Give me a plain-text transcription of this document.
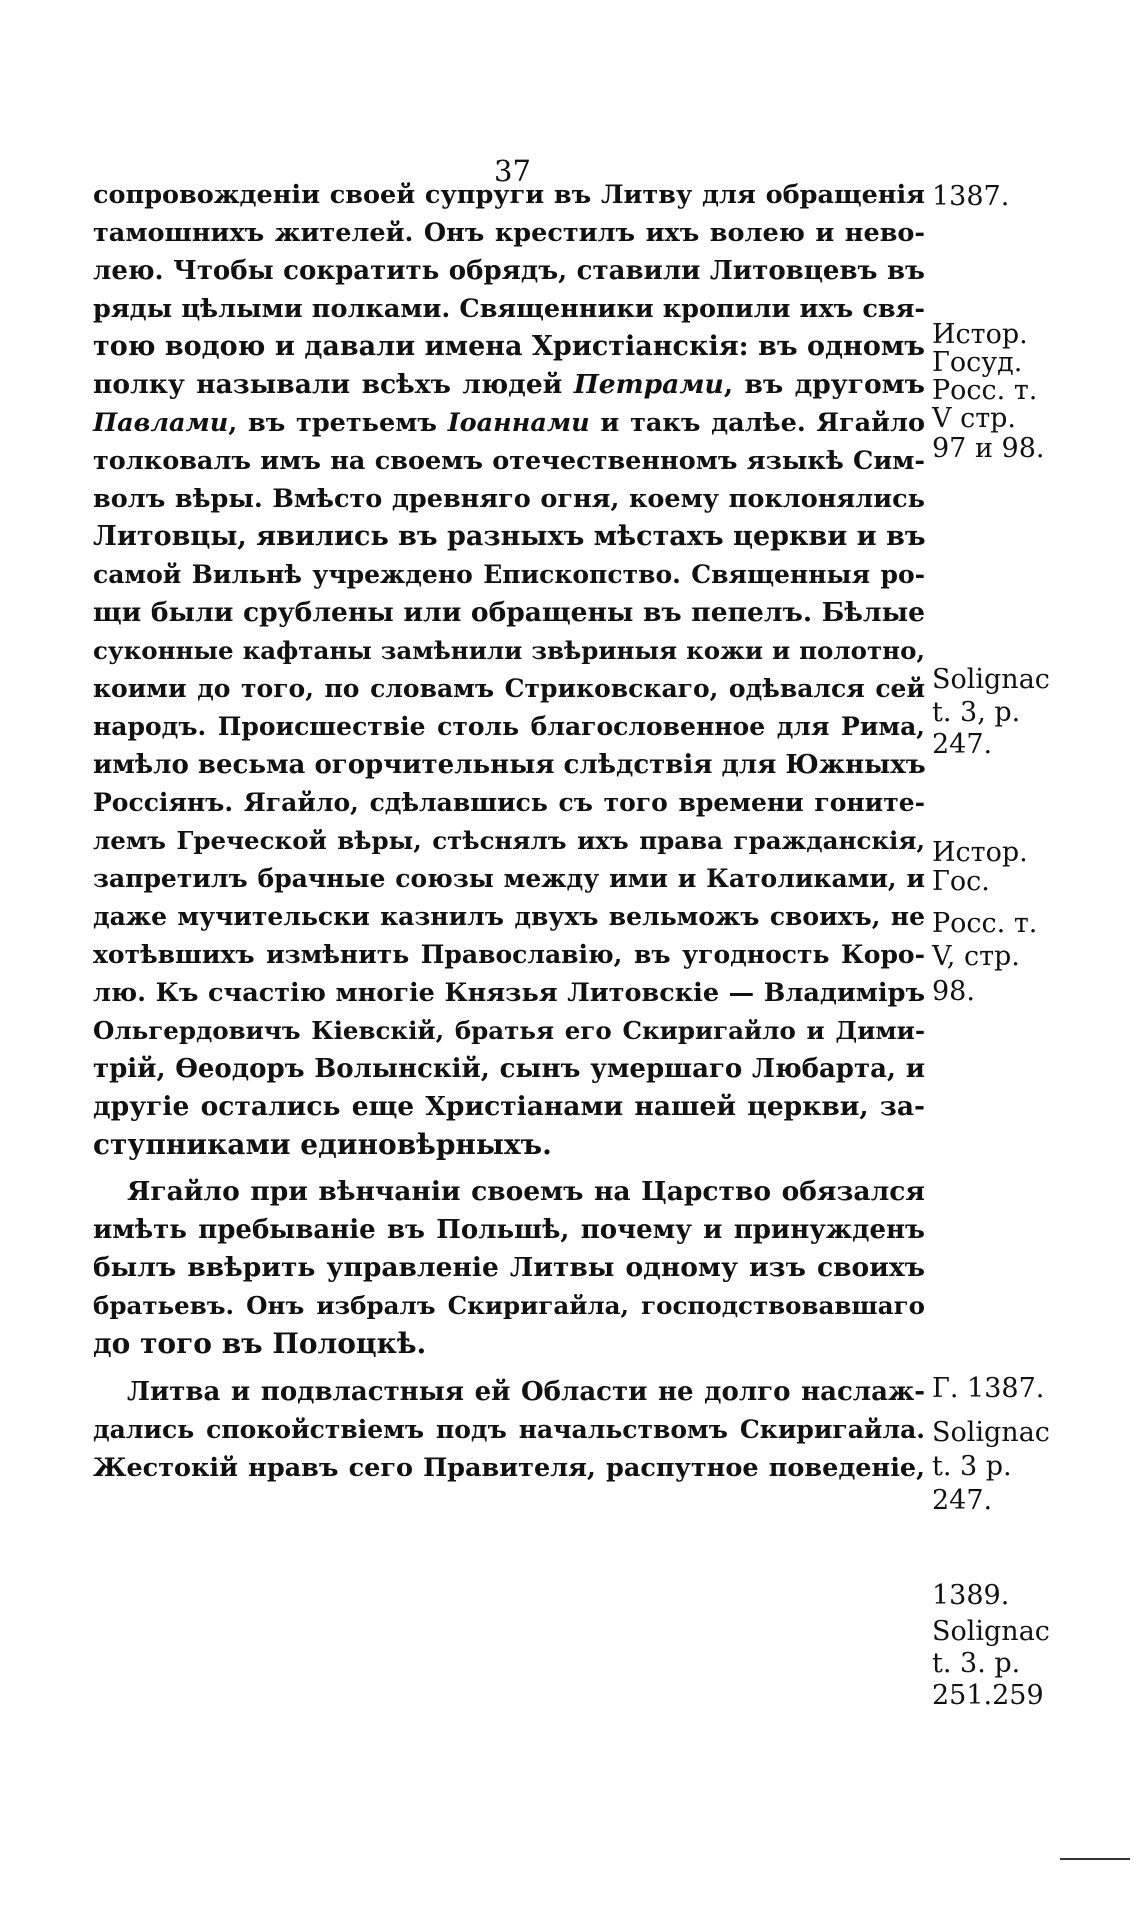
37
сопровожденіи своей супруги въ Литву для обращенія
тамошнихъ жителей. Онъ крестилъ ихъ волею и нево-
лею. Чтобы сократить обрядъ, ставили Литовцевъ въ
ряды цѣлыми полками. Священники кропили ихъ свя-
тою водою и давали имена Христіанскія: въ одномъ
полку называли всѣхъ людей Петрами, въ другомъ
Павлами, въ третьемъ Іоаннами и такъ далѣе. Ягайло
толковалъ имъ на своемъ отечественномъ языкѣ Сим-
волъ вѣры. Вмѣсто древняго огня, коему поклонялись
Литовцы, явились въ разныхъ мѣстахъ церкви и въ
самой Вильнѣ учреждено Епископство. Священныя ро-
щи были срублены или обращены въ пепелъ. Бѣлые
суконные кафтаны замѣнили звѣриныя кожи и полотно,
коими до того, по словамъ Стриковскаго, одѣвался сей
народъ. Происшествіе столь благословенное для Рима,
имѣло весьма огорчительныя слѣдствія для Южныхъ
Россіянъ. Ягайло, сдѣлавшись съ того времени гоните-
лемъ Греческой вѣры, стѣснялъ ихъ права гражданскія,
запретилъ брачные союзы между ими и Католиками, и
даже мучительски казнилъ двухъ вельможъ своихъ, не
хотѣвшихъ измѣнить Православію, въ угодность Коро-
лю. Къ счастію многіе Князья Литовскіе — Владиміръ
Ольгердовичъ Кіевскій, братья его Скиригайло и Дими-
трій, Ѳеодоръ Волынскій, сынъ умершаго Любарта, и
другіе остались еще Христіанами нашей церкви, за-
ступниками единовѣрныхъ.
Ягайло при вѣнчаніи своемъ на Царство обязался
имѣть пребываніе въ Польшѣ, почему и принужденъ
былъ ввѣрить управленіе Литвы одному изъ своихъ
братьевъ. Онъ избралъ Скиригайла, господствовавшаго
до того въ Полоцкѣ.
Литва и подвластныя ей Области не долго наслаж-
дались спокойствіемъ подъ начальствомъ Скиригайла.
Жестокій нравъ сего Правителя, распутное поведеніе,
1387.
Истор.
Госуд.
Росс. т.
V стр.
97 и 98.
Solignac
t. 3, p.
247.
Истор.
Гос.
Росс. т.
V, стр.
98.
Г. 1387.
Solignac
t. 3 p.
247.
1389.
Solignac
t. 3. p.
251.259
